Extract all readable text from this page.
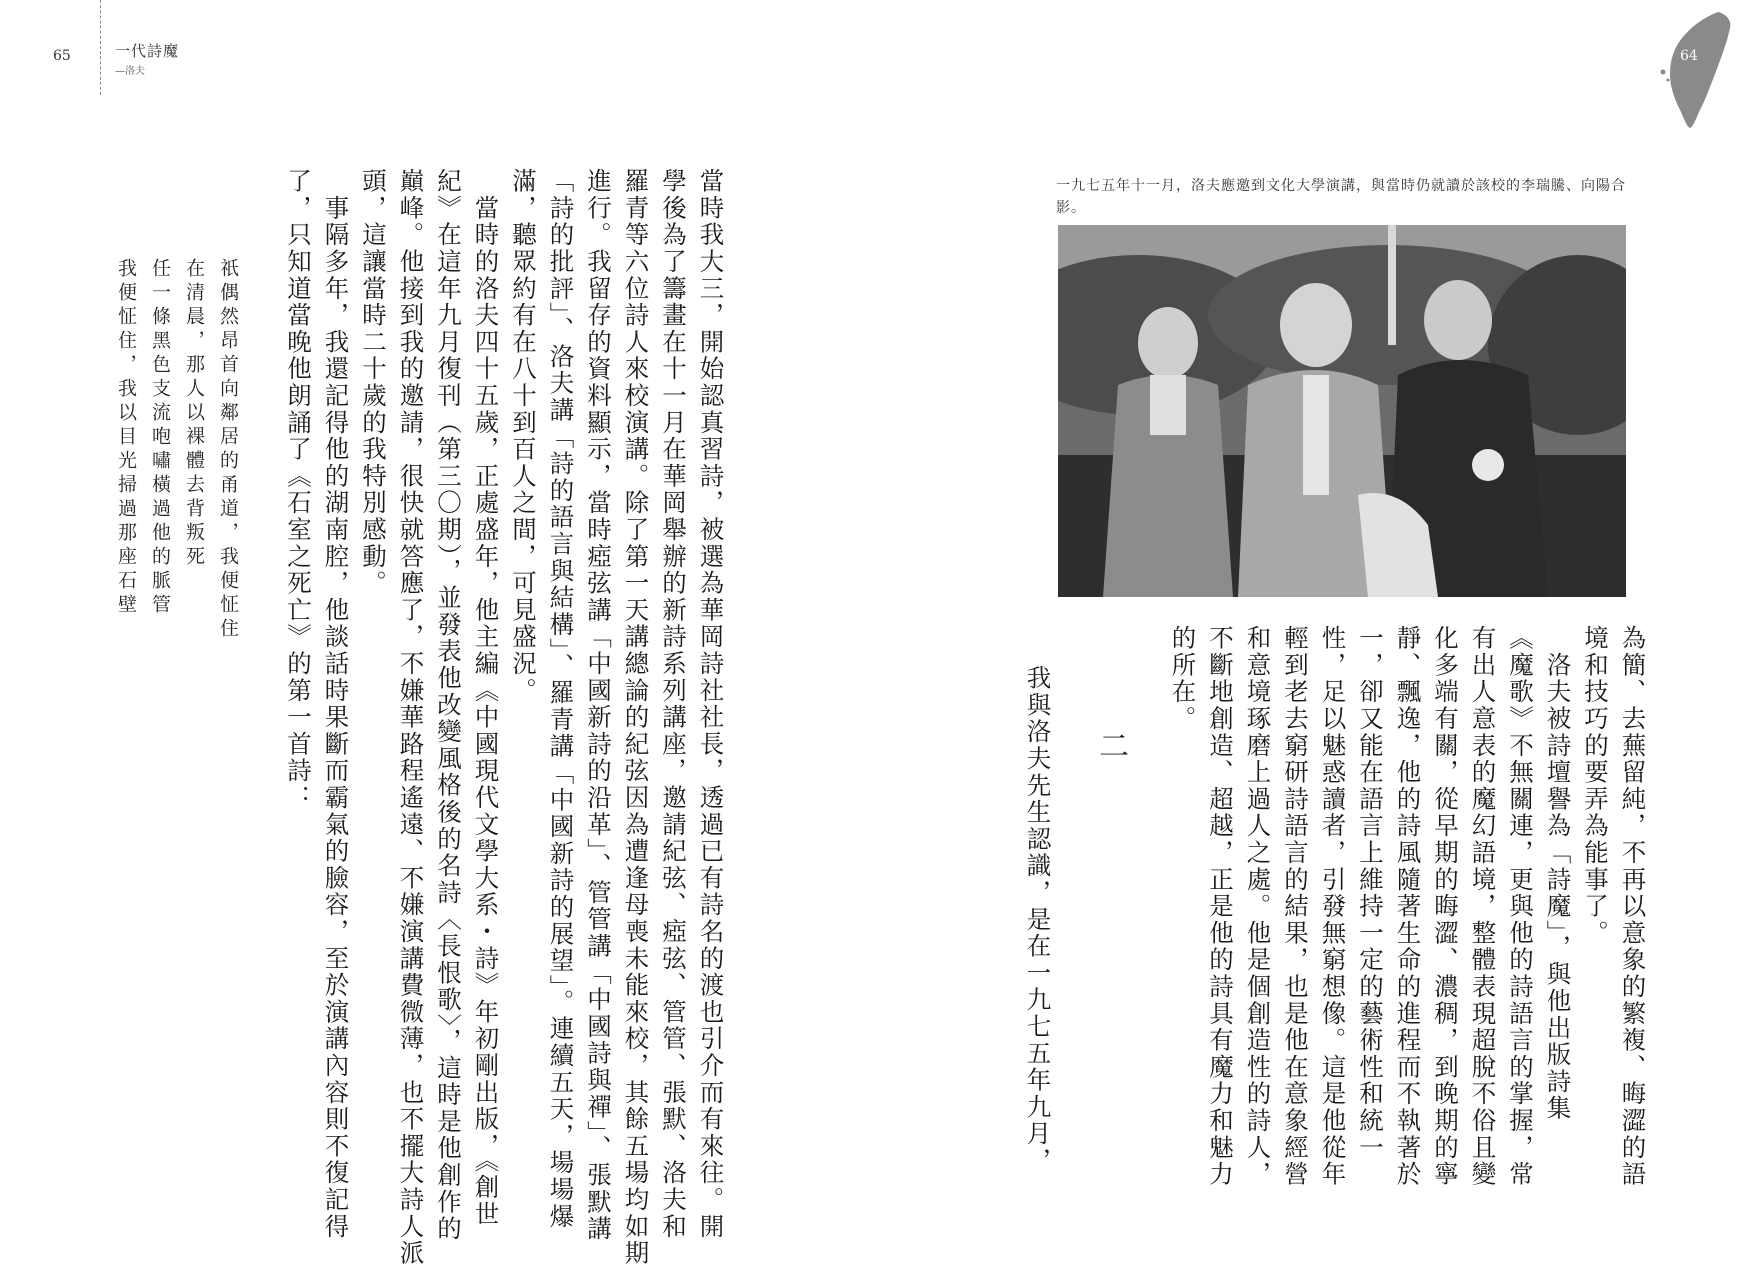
65	一代詩魔
—洛夫
64
一九七五年十一月，洛夫應邀到文化大學演講，與當時仍就讀於該校的李瑞騰、向陽合影。
為簡、去蕪留純，不再以意象的繁複、晦澀的語
境和技巧的要弄為能事了。
　洛夫被詩壇譽為「詩魔」，與他出版詩集
《魔歌》不無關連，更與他的詩語言的掌握，常
有出人意表的魔幻語境，整體表現超脫不俗且變
化多端有關，從早期的晦澀、濃稠，到晚期的寧
靜、飄逸，他的詩風隨著生命的進程而不執著於
一，卻又能在語言上維持一定的藝術性和統一
性，足以魅惑讀者，引發無窮想像。這是他從年
輕到老去窮研詩語言的結果，也是他在意象經營
和意境琢磨上過人之處。他是個創造性的詩人，
不斷地創造、超越，正是他的詩具有魔力和魅力
的所在。
二
我與洛夫先生認識，是在一九七五年九月，
當時我大三，開始認真習詩，被選為華岡詩社社長，透過已有詩名的渡也引介而有來往。開
學後為了籌畫在十一月在華岡舉辦的新詩系列講座，邀請紀弦、瘂弦、管管、張默、洛夫和
羅青等六位詩人來校演講。除了第一天講總論的紀弦因為遭逢母喪未能來校，其餘五場均如期
進行。我留存的資料顯示，當時瘂弦講「中國新詩的沿革」、管管講「中國詩與禪」、張默講
「詩的批評」、洛夫講「詩的語言與結構」、羅青講「中國新詩的展望」。連續五天，場場爆
滿，聽眾約有在八十到百人之間，可見盛況。
　當時的洛夫四十五歲，正處盛年，他主編《中國現代文學大系・詩》年初剛出版，《創世
紀》在這年九月復刊（第三〇期），並發表他改變風格後的名詩〈長恨歌〉，這時是他創作的
巔峰。他接到我的邀請，很快就答應了，不嫌華路程遙遠、不嫌演講費微薄，也不擺大詩人派
頭，這讓當時二十歲的我特別感動。
　事隔多年，我還記得他的湖南腔，他談話時果斷而霸氣的臉容，至於演講內容則不復記得
了，只知道當晚他朗誦了《石室之死亡》的第一首詩：
祇偶然昂首向鄰居的甬道，我便怔住
在清晨，那人以裸體去背叛死
任一條黑色支流咆嘯橫過他的脈管
我便怔住，我以目光掃過那座石壁
